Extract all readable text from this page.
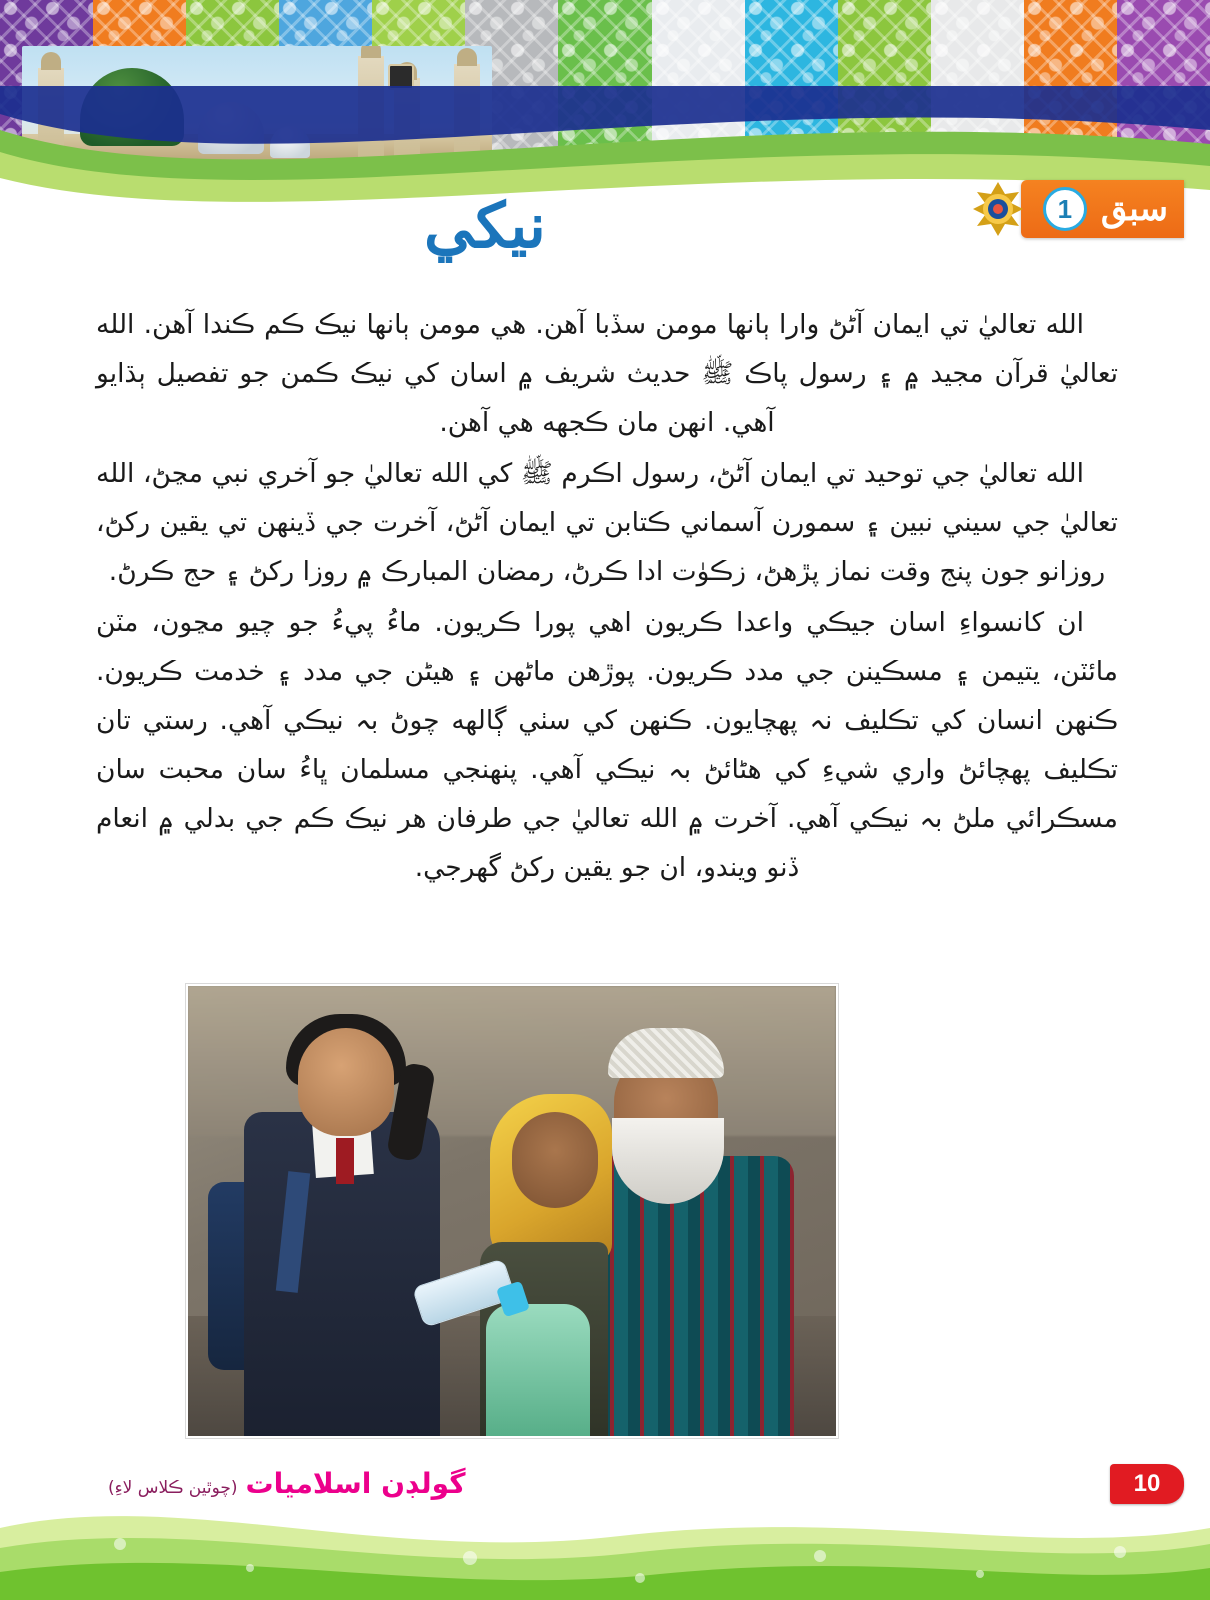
سبق
1
نيكي

الله تعاليٰ تي ايمان آڻڻ وارا ٻانها مومن سڏبا آهن. هي مومن ٻانها نيڪ ڪم ڪندا آهن. الله تعاليٰ قرآن مجيد ۾ ۽ رسول پاڪ ﷺ حديث شريف ۾ اسان کي نيڪ ڪمن جو تفصيل ٻڌايو آهي. انهن مان ڪجهه هي آهن.

الله تعاليٰ جي توحيد تي ايمان آڻڻ، رسول اڪرم ﷺ کي الله تعاليٰ جو آخري نبي مڃڻ، الله تعاليٰ جي سيني نبين ۽ سمورن آسماني ڪتابن تي ايمان آڻڻ، آخرت جي ڏينهن تي يقين رکڻ، روزانو جون پنج وقت نماز پڙهڻ، زڪوٰت ادا ڪرڻ، رمضان المبارڪ ۾ روزا رکڻ ۽ حج ڪرڻ.

ان کانسواءِ اسان جيڪي واعدا ڪريون اهي پورا ڪريون. ماءُ پيءُ جو چيو مڃون، مٽن مائٽن، يتيمن ۽ مسڪينن جي مدد ڪريون. پوڙهن ماڻهن ۽ هيڻن جي مدد ۽ خدمت ڪريون. ڪنهن انسان کي تڪليف نہ پهچايون. ڪنهن کي سٺي ڳالهه چوڻ بہ نيڪي آهي. رستي تان تڪليف پهچائڻ واري شيءِ کي هٹائڻ بہ نيڪي آهي. پنهنجي مسلمان ڀاءُ سان محبت سان مسڪرائي ملڻ بہ نيڪي آهي. آخرت ۾ الله تعاليٰ جي طرفان هر نيڪ ڪم جي بدلي ۾ انعام ڏنو ويندو، ان جو يقين رکڻ گهرجي.

گولڊن اسلاميات
(چوٿين ڪلاس لاءِ)	10
